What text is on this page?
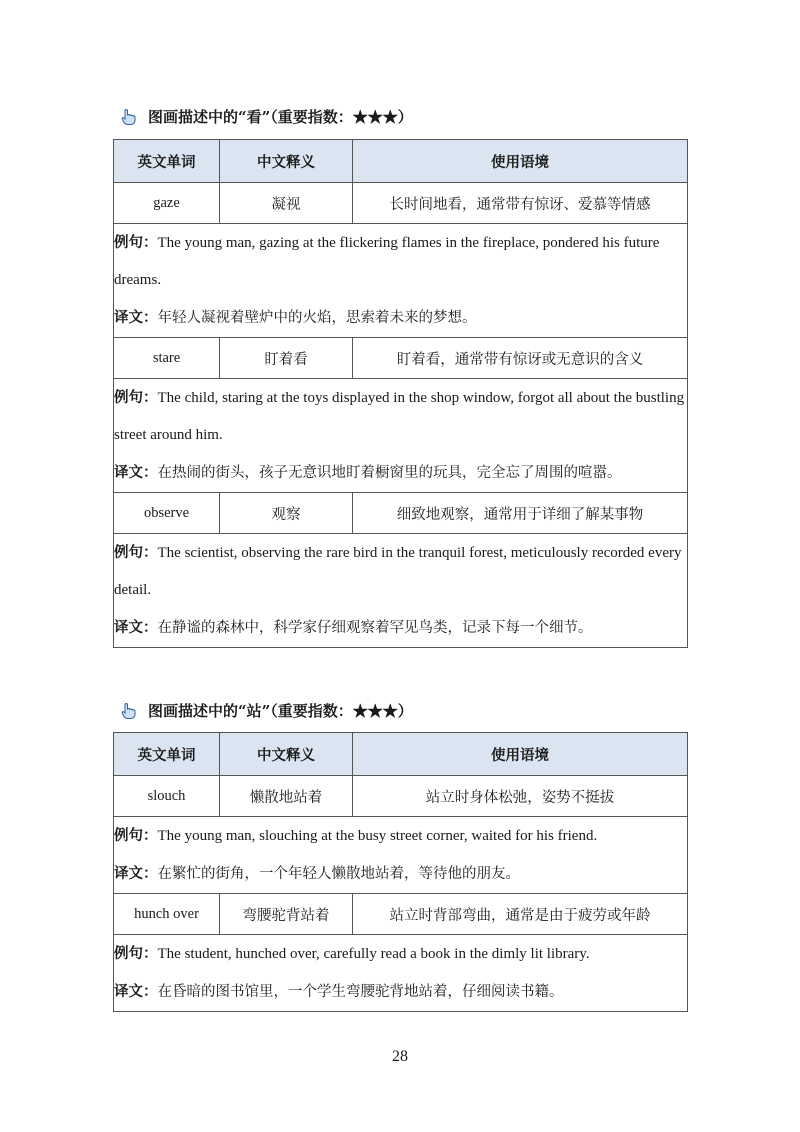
图画描述中的“看”（重要指数：★★★）
英文单词	中文释义	使用语境
gaze	凝视	长时间地看，通常带有惊讶、爱慕等情感

例句：The young man, gazing at the flickering flames in the fireplace, pondered his future dreams.
译文：年轻人凝视着壁炉中的火焰，思索着未来的梦想。		

stare	盯着看	盯着看，通常带有惊讶或无意识的含义

例句：The child, staring at the toys displayed in the shop window, forgot all about the bustling street around him.
译文：在热闹的街头，孩子无意识地盯着橱窗里的玩具，完全忘了周围的喧嚣。		

observe	观察	细致地观察，通常用于详细了解某事物

例句：The scientist, observing the rare bird in the tranquil forest, meticulously recorded every detail.
译文：在静谧的森林中，科学家仔细观察着罕见鸟类，记录下每一个细节。		
图画描述中的“站”（重要指数：★★★）
英文单词	中文释义	使用语境
slouch	懒散地站着	站立时身体松弛，姿势不挺拔

例句：The young man, slouching at the busy street corner, waited for his friend.
译文：在繁忙的街角，一个年轻人懒散地站着，等待他的朋友。		

hunch over	弯腰驼背站着	站立时背部弯曲，通常是由于疲劳或年龄

例句：The student, hunched over, carefully read a book in the dimly lit library.
译文：在昏暗的图书馆里，一个学生弯腰驼背地站着，仔细阅读书籍。		
28
